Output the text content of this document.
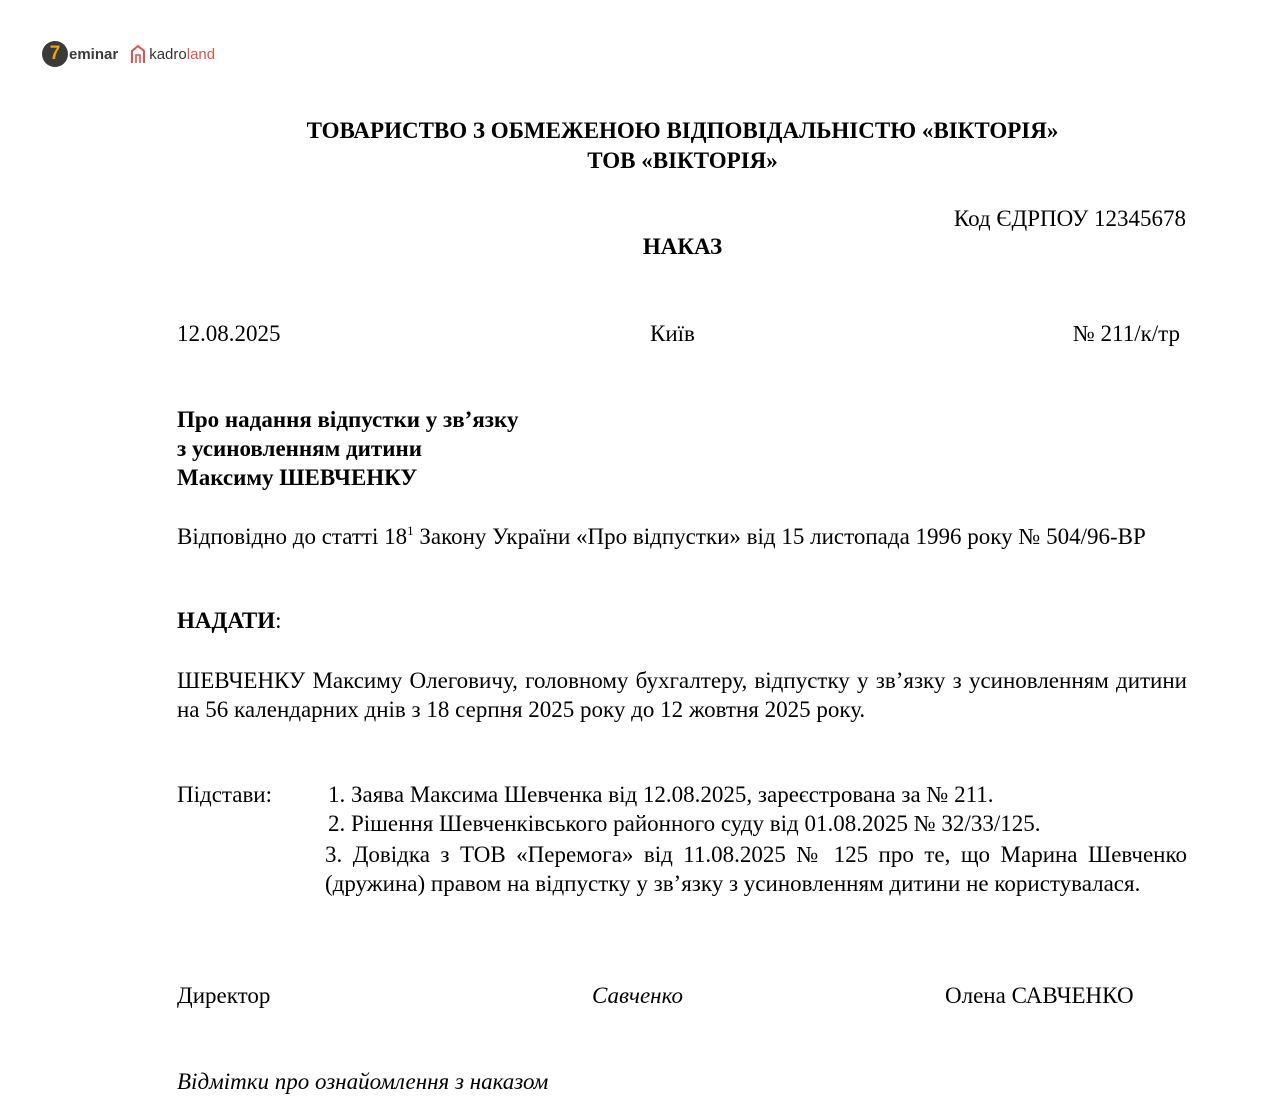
7 eminar kadro land
ТОВАРИСТВО З ОБМЕЖЕНОЮ ВІДПОВІДАЛЬНІСТЮ «ВІКТОРІЯ»
ТОВ «ВІКТОРІЯ»
Код ЄДРПОУ 12345678
НАКАЗ
12.08.2025	Київ	№ 211/к/тр
Про надання відпустки у зв’язку
з усиновленням дитини
Максиму ШЕВЧЕНКУ
Відповідно до статті $18^1$ Закону України «Про відпустки» від 15 листопада 1996 року № 504/96-ВР
НАДАТИ:
ШЕВЧЕНКУ Максиму Олеговичу, головному бухгалтеру, відпустку у зв’язку з усиновленням дитини на 56 календарних днів з 18 серпня 2025 року до 12 жовтня 2025 року.
Підстави: 1. Заява Максима Шевченка від 12.08.2025, зареєстрована за № 211.
2. Рішення Шевченківського районного суду від 01.08.2025 № 32/33/125.
3. Довідка з ТОВ «Перемога» від 11.08.2025 № 125 про те, що Марина Шевченко (дружина) правом на відпустку у зв’язку з усиновленням дитини не користувалася.
Директор	Савченко	Олена САВЧЕНКО
Відмітки про ознайомлення з наказом
